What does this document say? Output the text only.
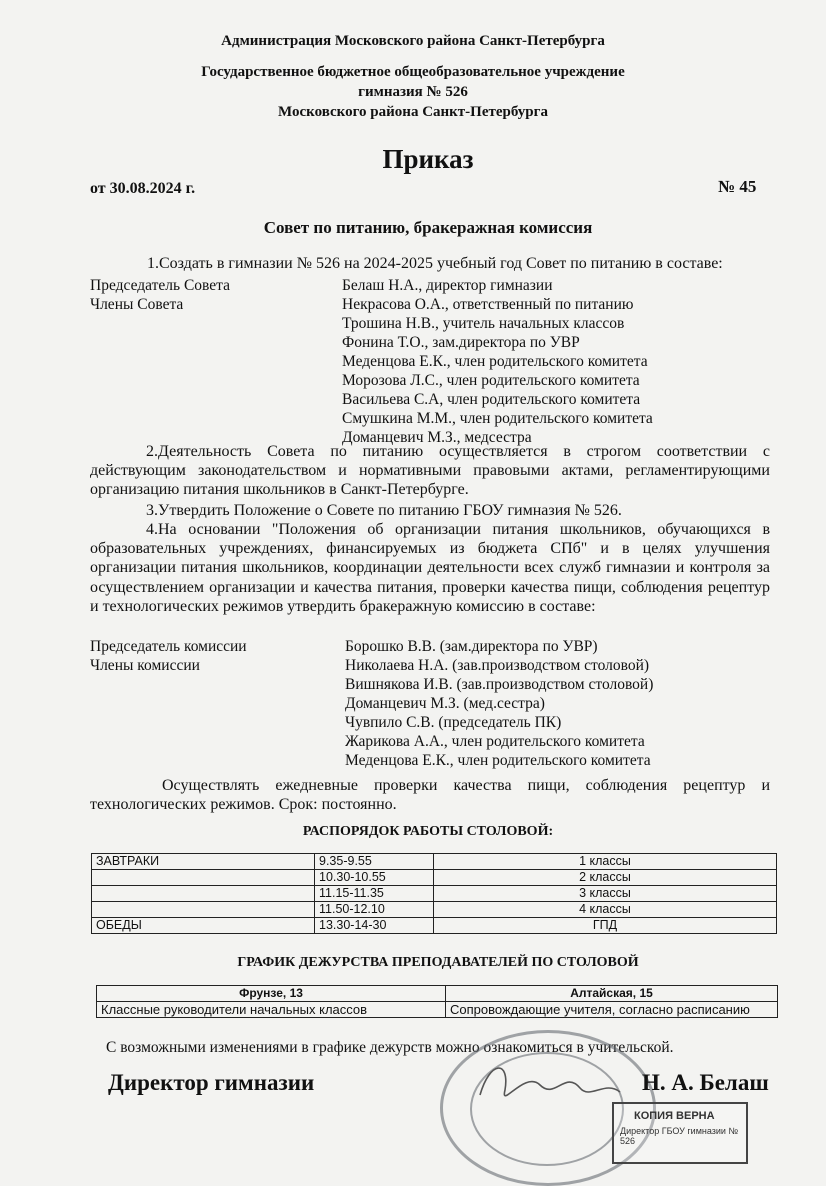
Администрация Московского района Санкт-Петербурга
Государственное бюджетное общеобразовательное учреждение
гимназия № 526
Московского района Санкт-Петербурга
Приказ
от 30.08.2024 г.	№ 45
Совет по питанию, бракеражная комиссия
1.Создать в гимназии № 526 на 2024-2025 учебный год Совет по питанию в составе:
Председатель Совета	Белаш Н.А., директор гимназии
Члены Совета	Некрасова О.А., ответственный по питанию
Трошина Н.В., учитель начальных классов
Фонина Т.О., зам.директора по УВР
Меденцова Е.К., член родительского комитета
Морозова Л.С., член родительского комитета
Васильева С.А, член родительского комитета
Смушкина М.М., член родительского комитета
Доманцевич М.З., медсестра
2.Деятельность Совета по питанию осуществляется в строгом соответствии с действующим законодательством и нормативными правовыми актами, регламентирующими организацию питания школьников в Санкт-Петербурге.
3.Утвердить Положение о Совете по питанию ГБОУ гимназия № 526.
4.На основании "Положения об организации питания школьников, обучающихся в образовательных учреждениях, финансируемых из бюджета СПб" и в целях улучшения организации питания школьников, координации деятельности всех служб гимназии и контроля за осуществлением организации и качества питания, проверки качества пищи, соблюдения рецептур и технологических режимов утвердить бракеражную комиссию в составе:
Председатель комиссии	Борошко В.В. (зам.директора по УВР)
Члены комиссии	Николаева Н.А. (зав.производством столовой)
Вишнякова И.В. (зав.производством столовой)
Доманцевич М.З. (мед.сестра)
Чувпило С.В. (председатель ПК)
Жарикова А.А., член родительского комитета
Меденцова Е.К., член родительского комитета
Осуществлять ежедневные проверки качества пищи, соблюдения рецептур и технологических режимов. Срок: постоянно.
РАСПОРЯДОК РАБОТЫ СТОЛОВОЙ:
ЗАВТРАКИ	9.35-9.55	1 классы
	10.30-10.55	2 классы
	11.15-11.35	3 классы
	11.50-12.10	4 классы
ОБЕДЫ	13.30-14-30	ГПД
ГРАФИК ДЕЖУРСТВА ПРЕПОДАВАТЕЛЕЙ ПО СТОЛОВОЙ
Фрунзе, 13	Алтайская, 15
Классные руководители начальных классов	Сопровождающие учителя, согласно расписанию
С возможными изменениями в графике дежурств можно ознакомиться в учительской.
Директор гимназии	Н. А. Белаш
КОПИЯ ВЕРНА
Директор ГБОУ гимназии № 526
